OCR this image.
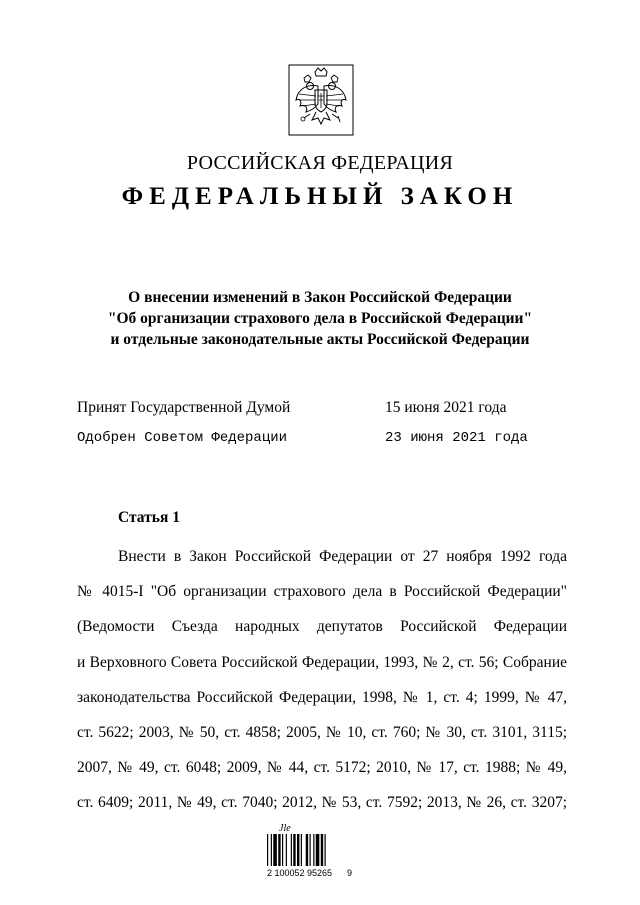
РОССИЙСКАЯ ФЕДЕРАЦИЯ
ФЕДЕРАЛЬНЫЙ ЗАКОН
О внесении изменений в Закон Российской Федерации
"Об организации страхового дела в Российской Федерации"
и отдельные законодательные акты Российской Федерации
Принят Государственной Думой	15 июня 2021 года
Одобрен Советом Федерации	23 июня 2021 года
Статья 1
Внести в Закон Российской Федерации от 27 ноября 1992 года
№ 4015-I "Об организации страхового дела в Российской Федерации"
(Ведомости Съезда народных депутатов Российской Федерации
и Верховного Совета Российской Федерации, 1993, № 2, ст. 56; Собрание
законодательства Российской Федерации, 1998, № 1, ст. 4; 1999, № 47,
ст. 5622; 2003, № 50, ст. 4858; 2005, № 10, ст. 760; № 30, ст. 3101, 3115;
2007, № 49, ст. 6048; 2009, № 44, ст. 5172; 2010, № 17, ст. 1988; № 49,
ст. 6409; 2011, № 49, ст. 7040; 2012, № 53, ст. 7592; 2013, № 26, ст. 3207;
Jle
2 100052 95265 9
